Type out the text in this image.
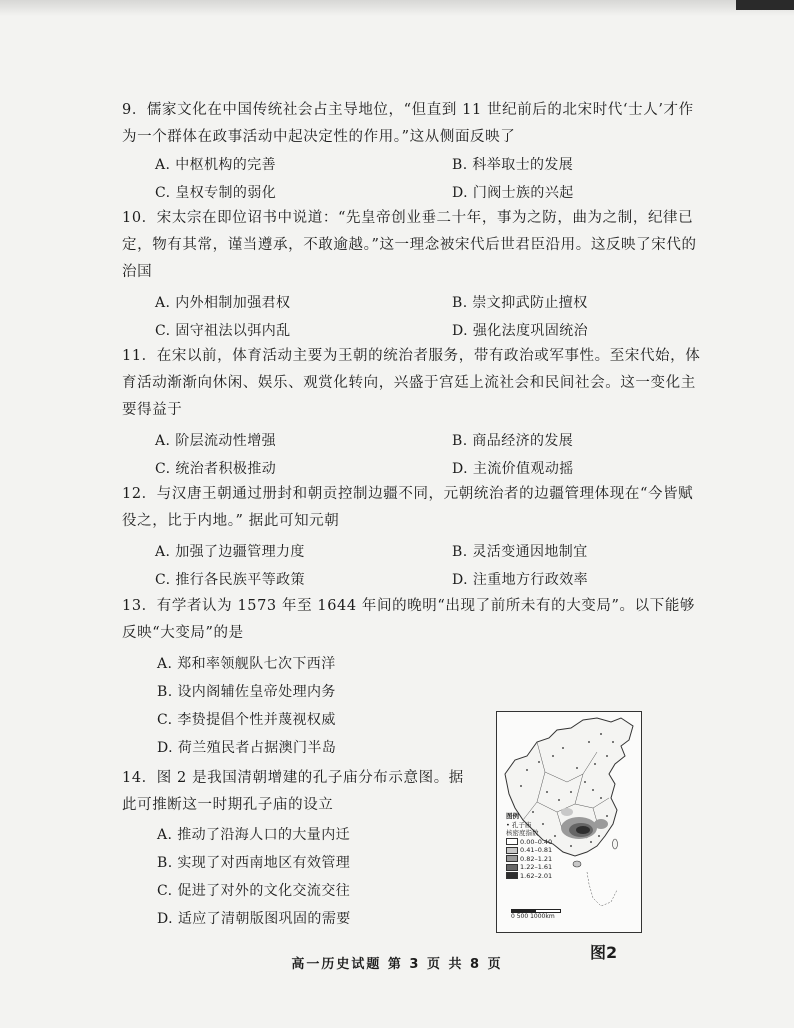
9．儒家文化在中国传统社会占主导地位，“但直到 11 世纪前后的北宋时代‘士人’才作为一个群体在政事活动中起决定性的作用。”这从侧面反映了
A. 中枢机构的完善	B. 科举取士的发展
C. 皇权专制的弱化	D. 门阀士族的兴起
10．宋太宗在即位诏书中说道：“先皇帝创业垂二十年，事为之防，曲为之制，纪律已定，物有其常，谨当遵承，不敢逾越。”这一理念被宋代后世君臣沿用。这反映了宋代的治国
A. 内外相制加强君权	B. 崇文抑武防止擅权
C. 固守祖法以弭内乱	D. 强化法度巩固统治
11．在宋以前，体育活动主要为王朝的统治者服务，带有政治或军事性。至宋代始，体育活动渐渐向休闲、娱乐、观赏化转向，兴盛于宫廷上流社会和民间社会。这一变化主要得益于
A. 阶层流动性增强	B. 商品经济的发展
C. 统治者积极推动	D. 主流价值观动摇
12．与汉唐王朝通过册封和朝贡控制边疆不同，元朝统治者的边疆管理体现在“今皆赋役之，比于内地。” 据此可知元朝
A. 加强了边疆管理力度	B. 灵活变通因地制宜
C. 推行各民族平等政策	D. 注重地方行政效率
13．有学者认为 1573 年至 1644 年间的晚明“出现了前所未有的大变局”。以下能够反映“大变局”的是
A. 郑和率领舰队七次下西洋
B. 设内阁辅佐皇帝处理内务
C. 李贽提倡个性并蔑视权威
D. 荷兰殖民者占据澳门半岛
14．图 2 是我国清朝增建的孔子庙分布示意图。据此可推断这一时期孔子庙的设立
A. 推动了沿海人口的大量内迁
B. 实现了对西南地区有效管理
C. 促进了对外的文化交流交往
D. 适应了清朝版图巩固的需要
图例
• 孔子庙
核密度指数
0.00–0.40
0.41–0.81
0.82–1.21
1.22–1.61
1.62–2.01
0 500 1000km
图2
高一历史试题 第 3 页 共 8 页
